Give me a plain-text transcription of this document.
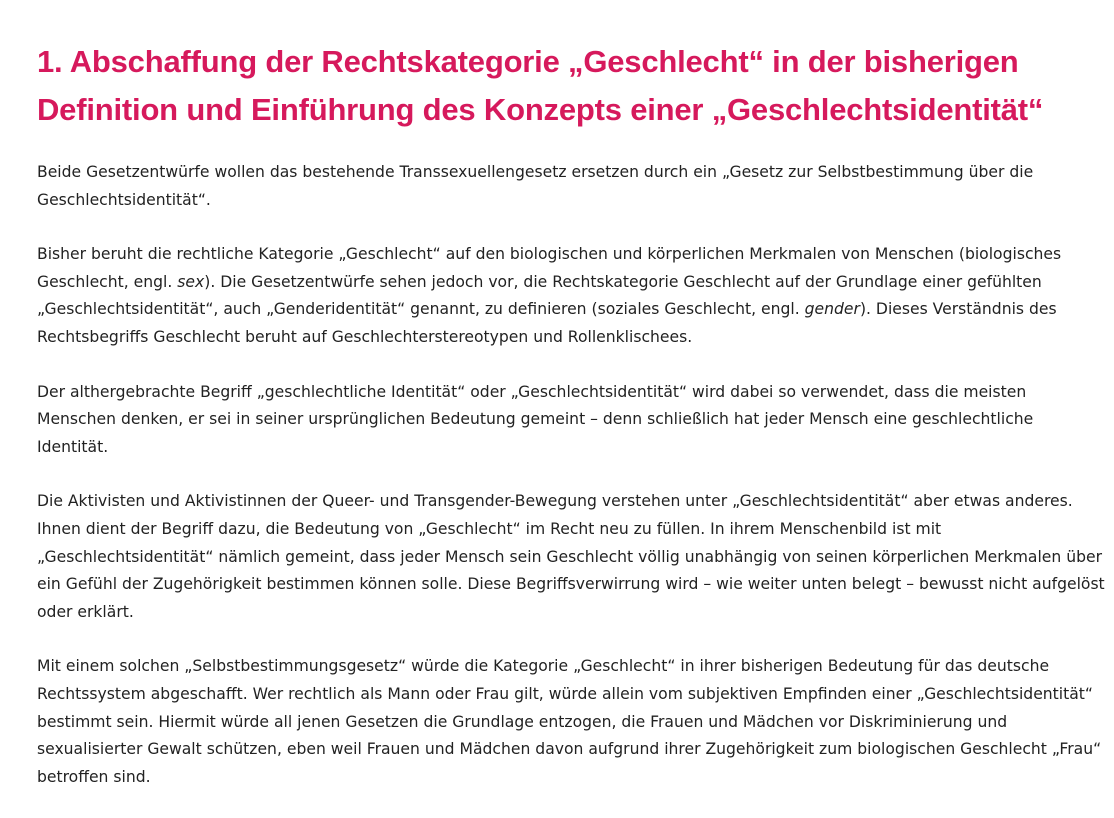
1. Abschaffung der Rechtskategorie „Geschlecht“ in der bisherigen Definition und Einführung des Konzepts einer „Geschlechtsidentität“

Beide Gesetzentwürfe wollen das bestehende Transsexuellengesetz ersetzen durch ein „Gesetz zur Selbstbestimmung über die Geschlechtsidentität“.

Bisher beruht die rechtliche Kategorie „Geschlecht“ auf den biologischen und körperlichen Merkmalen von Menschen (biologisches Geschlecht, engl. sex). Die Gesetzentwürfe sehen jedoch vor, die Rechtskategorie Geschlecht auf der Grundlage einer gefühlten „Geschlechtsidentität“, auch „Genderidentität“ genannt, zu definieren (soziales Geschlecht, engl. gender). Dieses Verständnis des Rechtsbegriffs Geschlecht beruht auf Geschlechterstereotypen und Rollenklischees.

Der althergebrachte Begriff „geschlechtliche Identität“ oder „Geschlechtsidentität“ wird dabei so verwendet, dass die meisten Menschen denken, er sei in seiner ursprünglichen Bedeutung gemeint – denn schließlich hat jeder Mensch eine geschlechtliche Identität.

Die Aktivisten und Aktivistinnen der Queer- und Transgender-Bewegung verstehen unter „Geschlechtsidentität“ aber etwas anderes. Ihnen dient der Begriff dazu, die Bedeutung von „Geschlecht“ im Recht neu zu füllen. In ihrem Menschenbild ist mit „Geschlechtsidentität“ nämlich gemeint, dass jeder Mensch sein Geschlecht völlig unabhängig von seinen körperlichen Merkmalen über ein Gefühl der Zugehörigkeit bestimmen können solle. Diese Begriffsverwirrung wird – wie weiter unten belegt – bewusst nicht aufgelöst oder erklärt.

Mit einem solchen „Selbstbestimmungsgesetz“ würde die Kategorie „Geschlecht“ in ihrer bisherigen Bedeutung für das deutsche Rechtssystem abgeschafft. Wer rechtlich als Mann oder Frau gilt, würde allein vom subjektiven Empfinden einer „Geschlechtsidentität“ bestimmt sein. Hiermit würde all jenen Gesetzen die Grundlage entzogen, die Frauen und Mädchen vor Diskriminierung und sexualisierter Gewalt schützen, eben weil Frauen und Mädchen davon aufgrund ihrer Zugehörigkeit zum biologischen Geschlecht „Frau“ betroffen sind.
